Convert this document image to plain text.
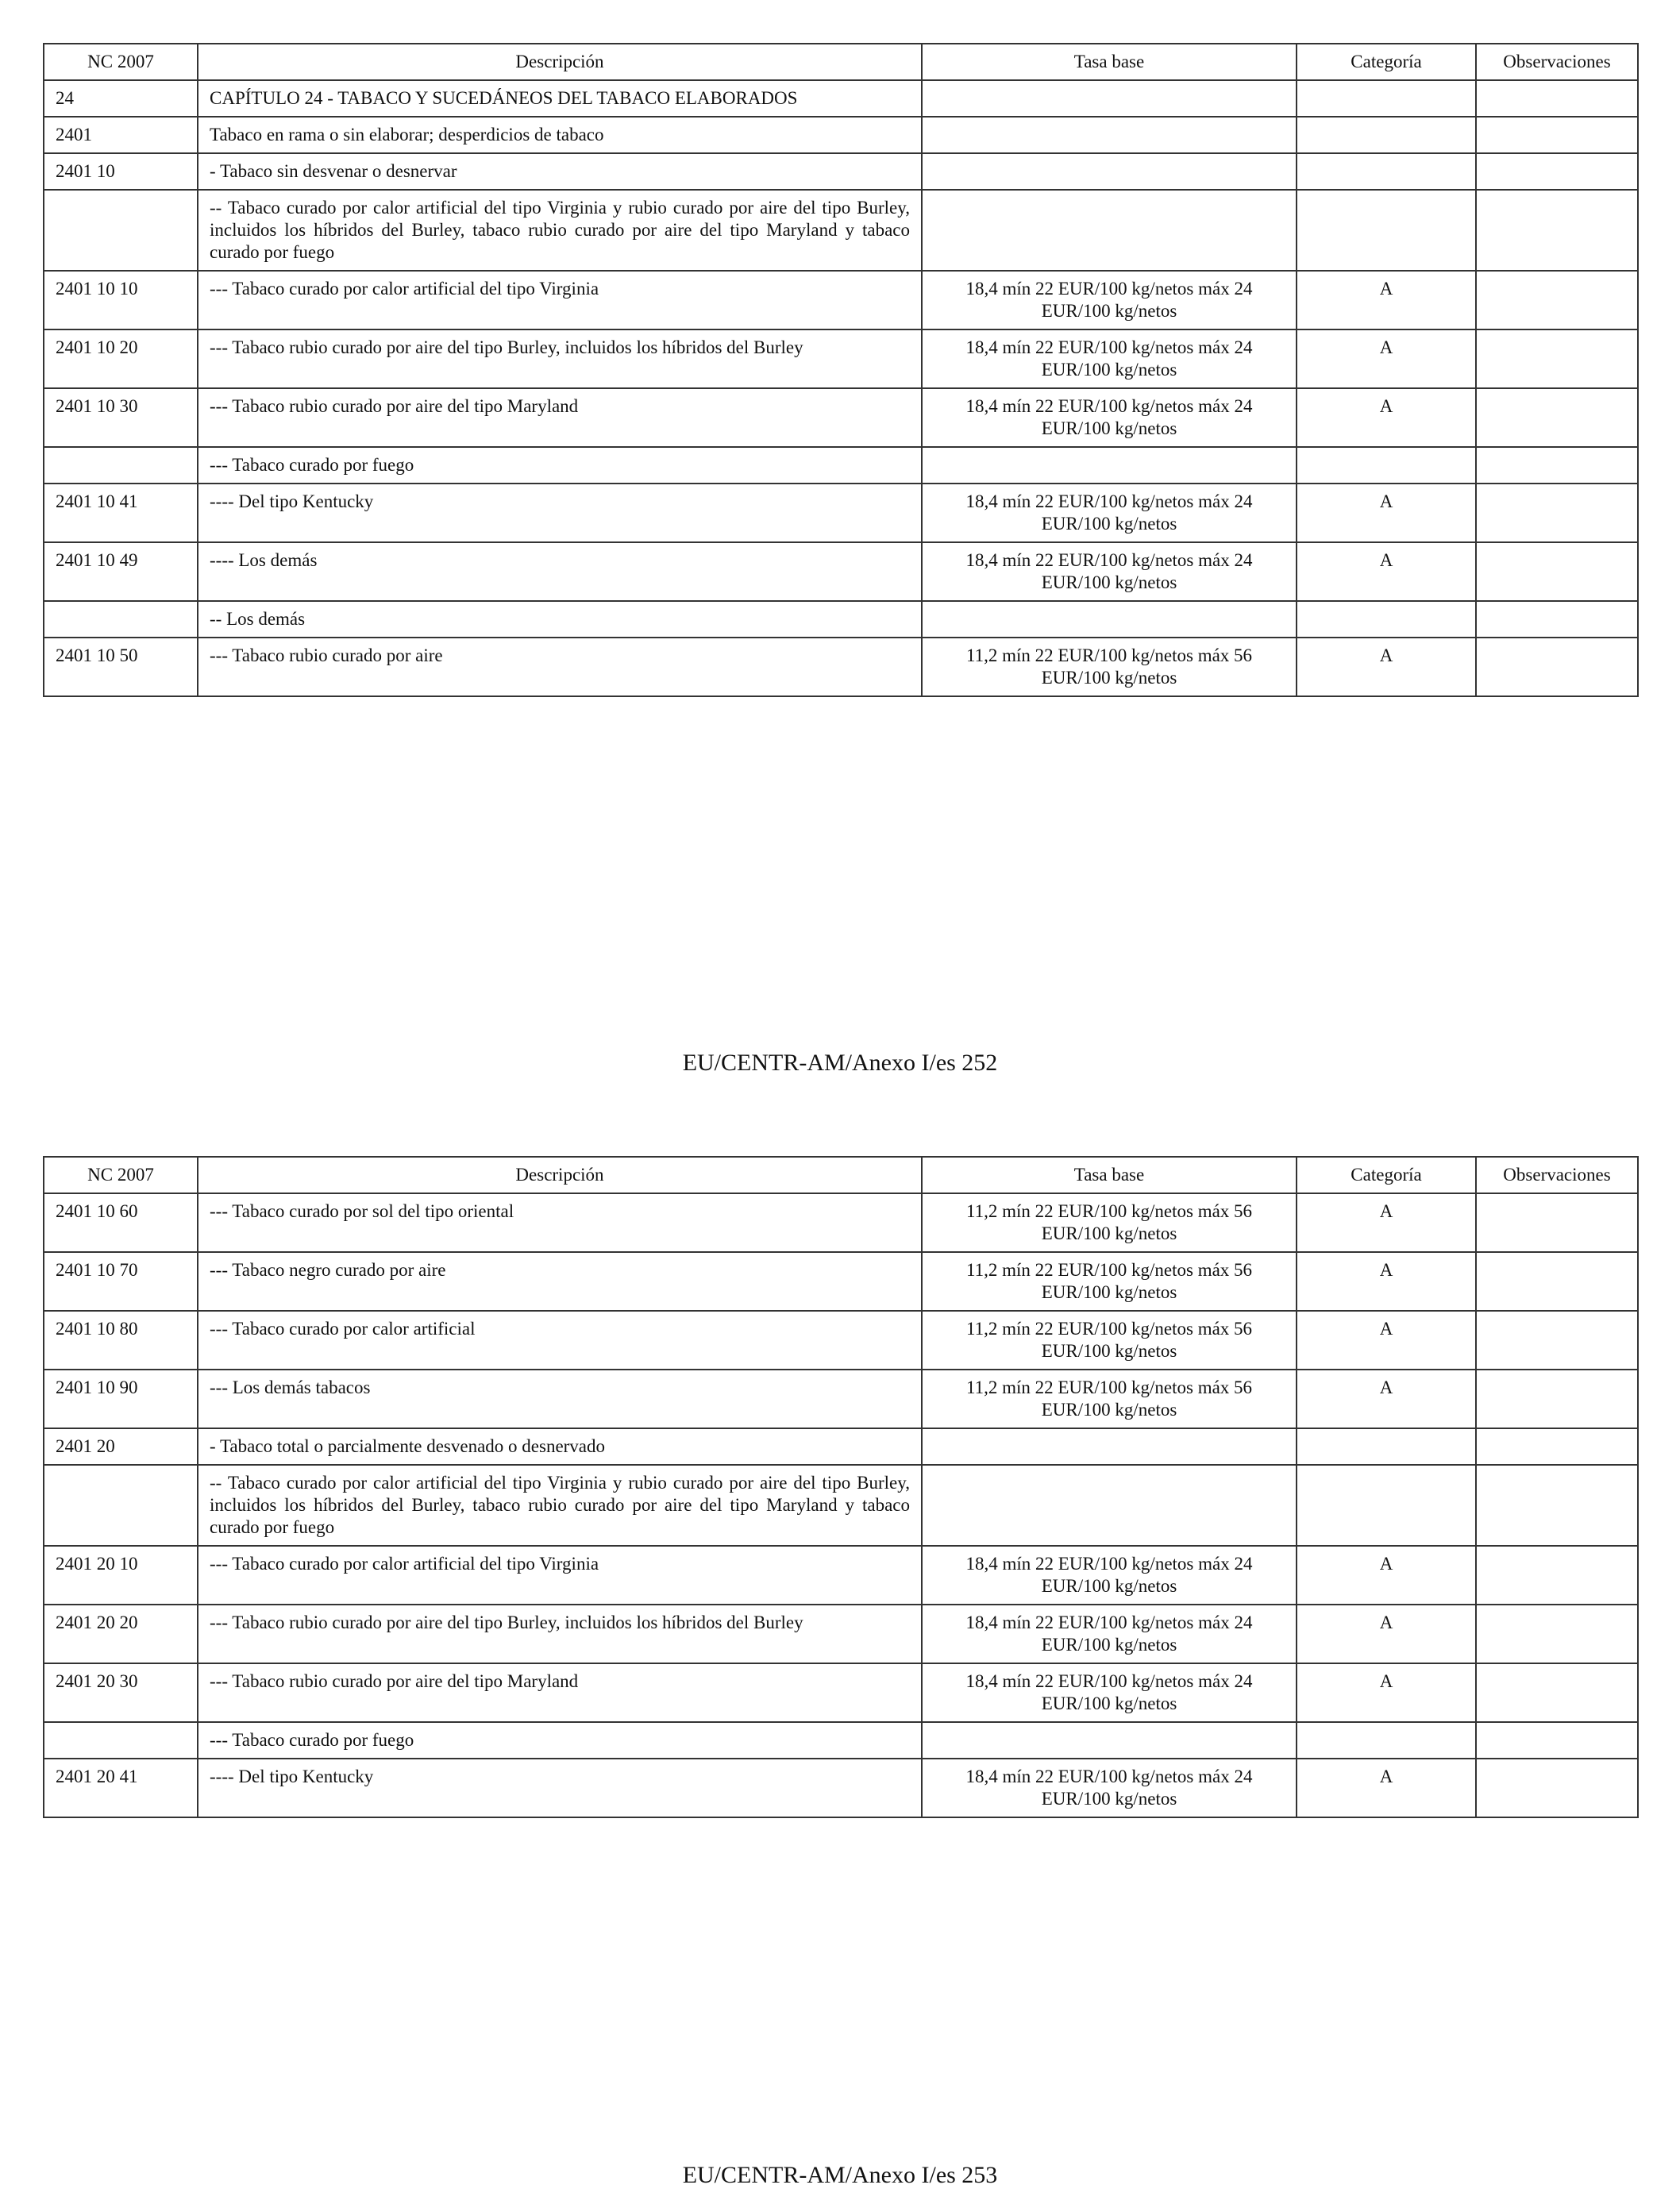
NC 2007	Descripción	Tasa base	Categoría	Observaciones
24	CAPÍTULO 24 - TABACO Y SUCEDÁNEOS DEL TABACO ELABORADOS			
2401	Tabaco en rama o sin elaborar; desperdicios de tabaco			
2401 10	- Tabaco sin desvenar o desnervar			
	-- Tabaco curado por calor artificial del tipo Virginia y rubio curado por aire del tipo Burley, incluidos los híbridos del Burley, tabaco rubio curado por aire del tipo Maryland y tabaco curado por fuego			
2401 10 10	--- Tabaco curado por calor artificial del tipo Virginia	18,4 mín 22 EUR/100 kg/netos máx 24 EUR/100 kg/netos	A	
2401 10 20	--- Tabaco rubio curado por aire del tipo Burley, incluidos los híbridos del Burley	18,4 mín 22 EUR/100 kg/netos máx 24 EUR/100 kg/netos	A	
2401 10 30	--- Tabaco rubio curado por aire del tipo Maryland	18,4 mín 22 EUR/100 kg/netos máx 24 EUR/100 kg/netos	A	
	--- Tabaco curado por fuego			
2401 10 41	---- Del tipo Kentucky	18,4 mín 22 EUR/100 kg/netos máx 24 EUR/100 kg/netos	A	
2401 10 49	---- Los demás	18,4 mín 22 EUR/100 kg/netos máx 24 EUR/100 kg/netos	A	
	-- Los demás			
2401 10 50	--- Tabaco rubio curado por aire	11,2 mín 22 EUR/100 kg/netos máx 56 EUR/100 kg/netos	A	
EU/CENTR-AM/Anexo I/es 252
NC 2007	Descripción	Tasa base	Categoría	Observaciones
2401 10 60	--- Tabaco curado por sol del tipo oriental	11,2 mín 22 EUR/100 kg/netos máx 56 EUR/100 kg/netos	A	
2401 10 70	--- Tabaco negro curado por aire	11,2 mín 22 EUR/100 kg/netos máx 56 EUR/100 kg/netos	A	
2401 10 80	--- Tabaco curado por calor artificial	11,2 mín 22 EUR/100 kg/netos máx 56 EUR/100 kg/netos	A	
2401 10 90	--- Los demás tabacos	11,2 mín 22 EUR/100 kg/netos máx 56 EUR/100 kg/netos	A	
2401 20	- Tabaco total o parcialmente desvenado o desnervado			
	-- Tabaco curado por calor artificial del tipo Virginia y rubio curado por aire del tipo Burley, incluidos los híbridos del Burley, tabaco rubio curado por aire del tipo Maryland y tabaco curado por fuego			
2401 20 10	--- Tabaco curado por calor artificial del tipo Virginia	18,4 mín 22 EUR/100 kg/netos máx 24 EUR/100 kg/netos	A	
2401 20 20	--- Tabaco rubio curado por aire del tipo Burley, incluidos los híbridos del Burley	18,4 mín 22 EUR/100 kg/netos máx 24 EUR/100 kg/netos	A	
2401 20 30	--- Tabaco rubio curado por aire del tipo Maryland	18,4 mín 22 EUR/100 kg/netos máx 24 EUR/100 kg/netos	A	
	--- Tabaco curado por fuego			
2401 20 41	---- Del tipo Kentucky	18,4 mín 22 EUR/100 kg/netos máx 24 EUR/100 kg/netos	A	
EU/CENTR-AM/Anexo I/es 253
